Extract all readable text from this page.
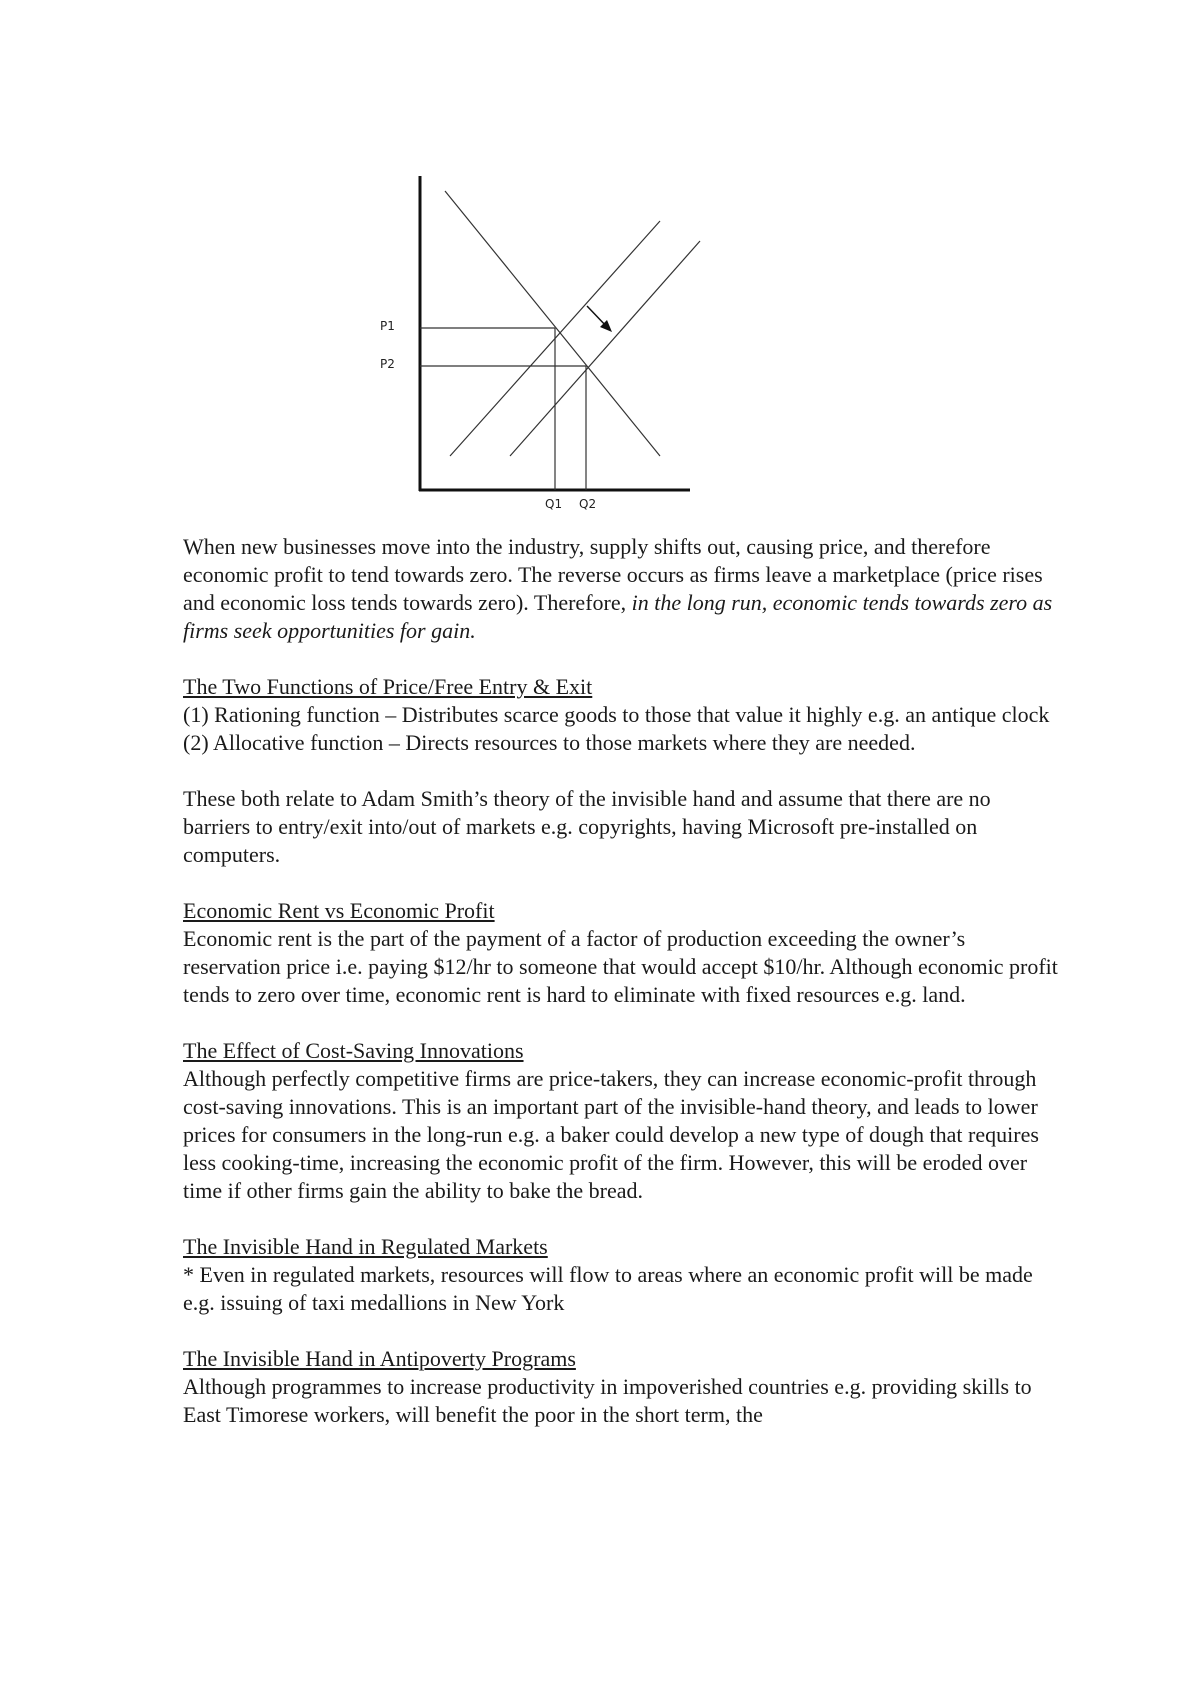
P1
P2
Q1 Q2

When new businesses move into the industry, supply shifts out, causing price, and therefore economic profit to tend towards zero. The reverse occurs as firms leave a marketplace (price rises and economic loss tends towards zero). Therefore, in the long run, economic tends towards zero as firms seek opportunities for gain.

The Two Functions of Price/Free Entry & Exit
(1) Rationing function – Distributes scarce goods to those that value it highly e.g. an antique clock
(2) Allocative function – Directs resources to those markets where they are needed.

These both relate to Adam Smith’s theory of the invisible hand and assume that there are no barriers to entry/exit into/out of markets e.g. copyrights, having Microsoft pre-installed on computers.

Economic Rent vs Economic Profit
Economic rent is the part of the payment of a factor of production exceeding the owner’s reservation price i.e. paying $12/hr to someone that would accept $10/hr. Although economic profit tends to zero over time, economic rent is hard to eliminate with fixed resources e.g. land.

The Effect of Cost-Saving Innovations
Although perfectly competitive firms are price-takers, they can increase economic-profit through cost-saving innovations. This is an important part of the invisible-hand theory, and leads to lower prices for consumers in the long-run e.g. a baker could develop a new type of dough that requires less cooking-time, increasing the economic profit of the firm. However, this will be eroded over time if other firms gain the ability to bake the bread.

The Invisible Hand in Regulated Markets
* Even in regulated markets, resources will flow to areas where an economic profit will be made e.g. issuing of taxi medallions in New York

The Invisible Hand in Antipoverty Programs
Although programmes to increase productivity in impoverished countries e.g. providing skills to East Timorese workers, will benefit the poor in the short term, the
